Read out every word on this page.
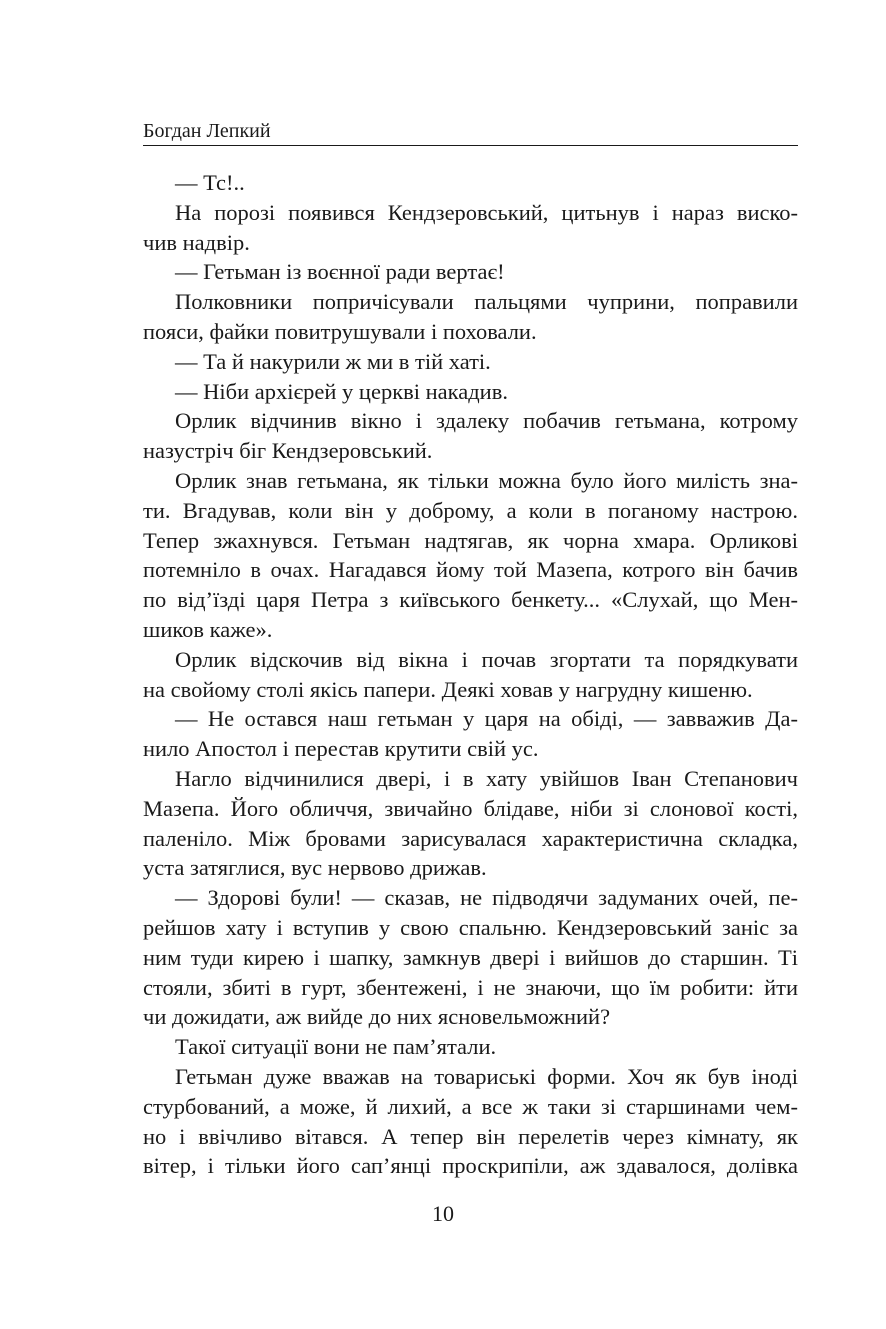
Богдан Лепкий
— Тс!..
На порозі появився Кендзеровський, цитьнув і нараз виско-
чив надвір.
— Гетьман із воєнної ради вертає!
Полковники попричісували пальцями чуприни, поправили
пояси, файки повитрушували і поховали.
— Та й накурили ж ми в тій хаті.
— Ніби архієрей у церкві накадив.
Орлик відчинив вікно і здалеку побачив гетьмана, котрому
назустріч біг Кендзеровський.
Орлик знав гетьмана, як тільки можна було його милість зна-
ти. Вгадував, коли він у доброму, а коли в поганому настрою.
Тепер зжахнувся. Гетьман надтягав, як чорна хмара. Орликові
потемніло в очах. Нагадався йому той Мазепа, котрого він бачив
по від’їзді царя Петра з київського бенкету... «Слухай, що Мен-
шиков каже».
Орлик відскочив від вікна і почав згортати та порядкувати
на свойому столі якісь папери. Деякі ховав у нагрудну кишеню.
— Не остався наш гетьман у царя на обіді, — завважив Да-
нило Апостол і перестав крутити свій ус.
Нагло відчинилися двері, і в хату увійшов Іван Степанович
Мазепа. Його обличчя, звичайно блідаве, ніби зі слонової кості,
паленіло. Між бровами зарисувалася характеристична складка,
уста затяглися, вус нервово дрижав.
— Здорові були! — сказав, не підводячи задуманих очей, пе-
рейшов хату і вступив у свою спальню. Кендзеровський заніс за
ним туди кирею і шапку, замкнув двері і вийшов до старшин. Ті
стояли, збиті в гурт, збентежені, і не знаючи, що їм робити: йти
чи дожидати, аж вийде до них ясновельможний?
Такої ситуації вони не пам’ятали.
Гетьман дуже вважав на товариські форми. Хоч як був іноді
стурбований, а може, й лихий, а все ж таки зі старшинами чем-
но і ввічливо вітався. А тепер він перелетів через кімнату, як
вітер, і тільки його сап’янці проскрипіли, аж здавалося, долівка
10
